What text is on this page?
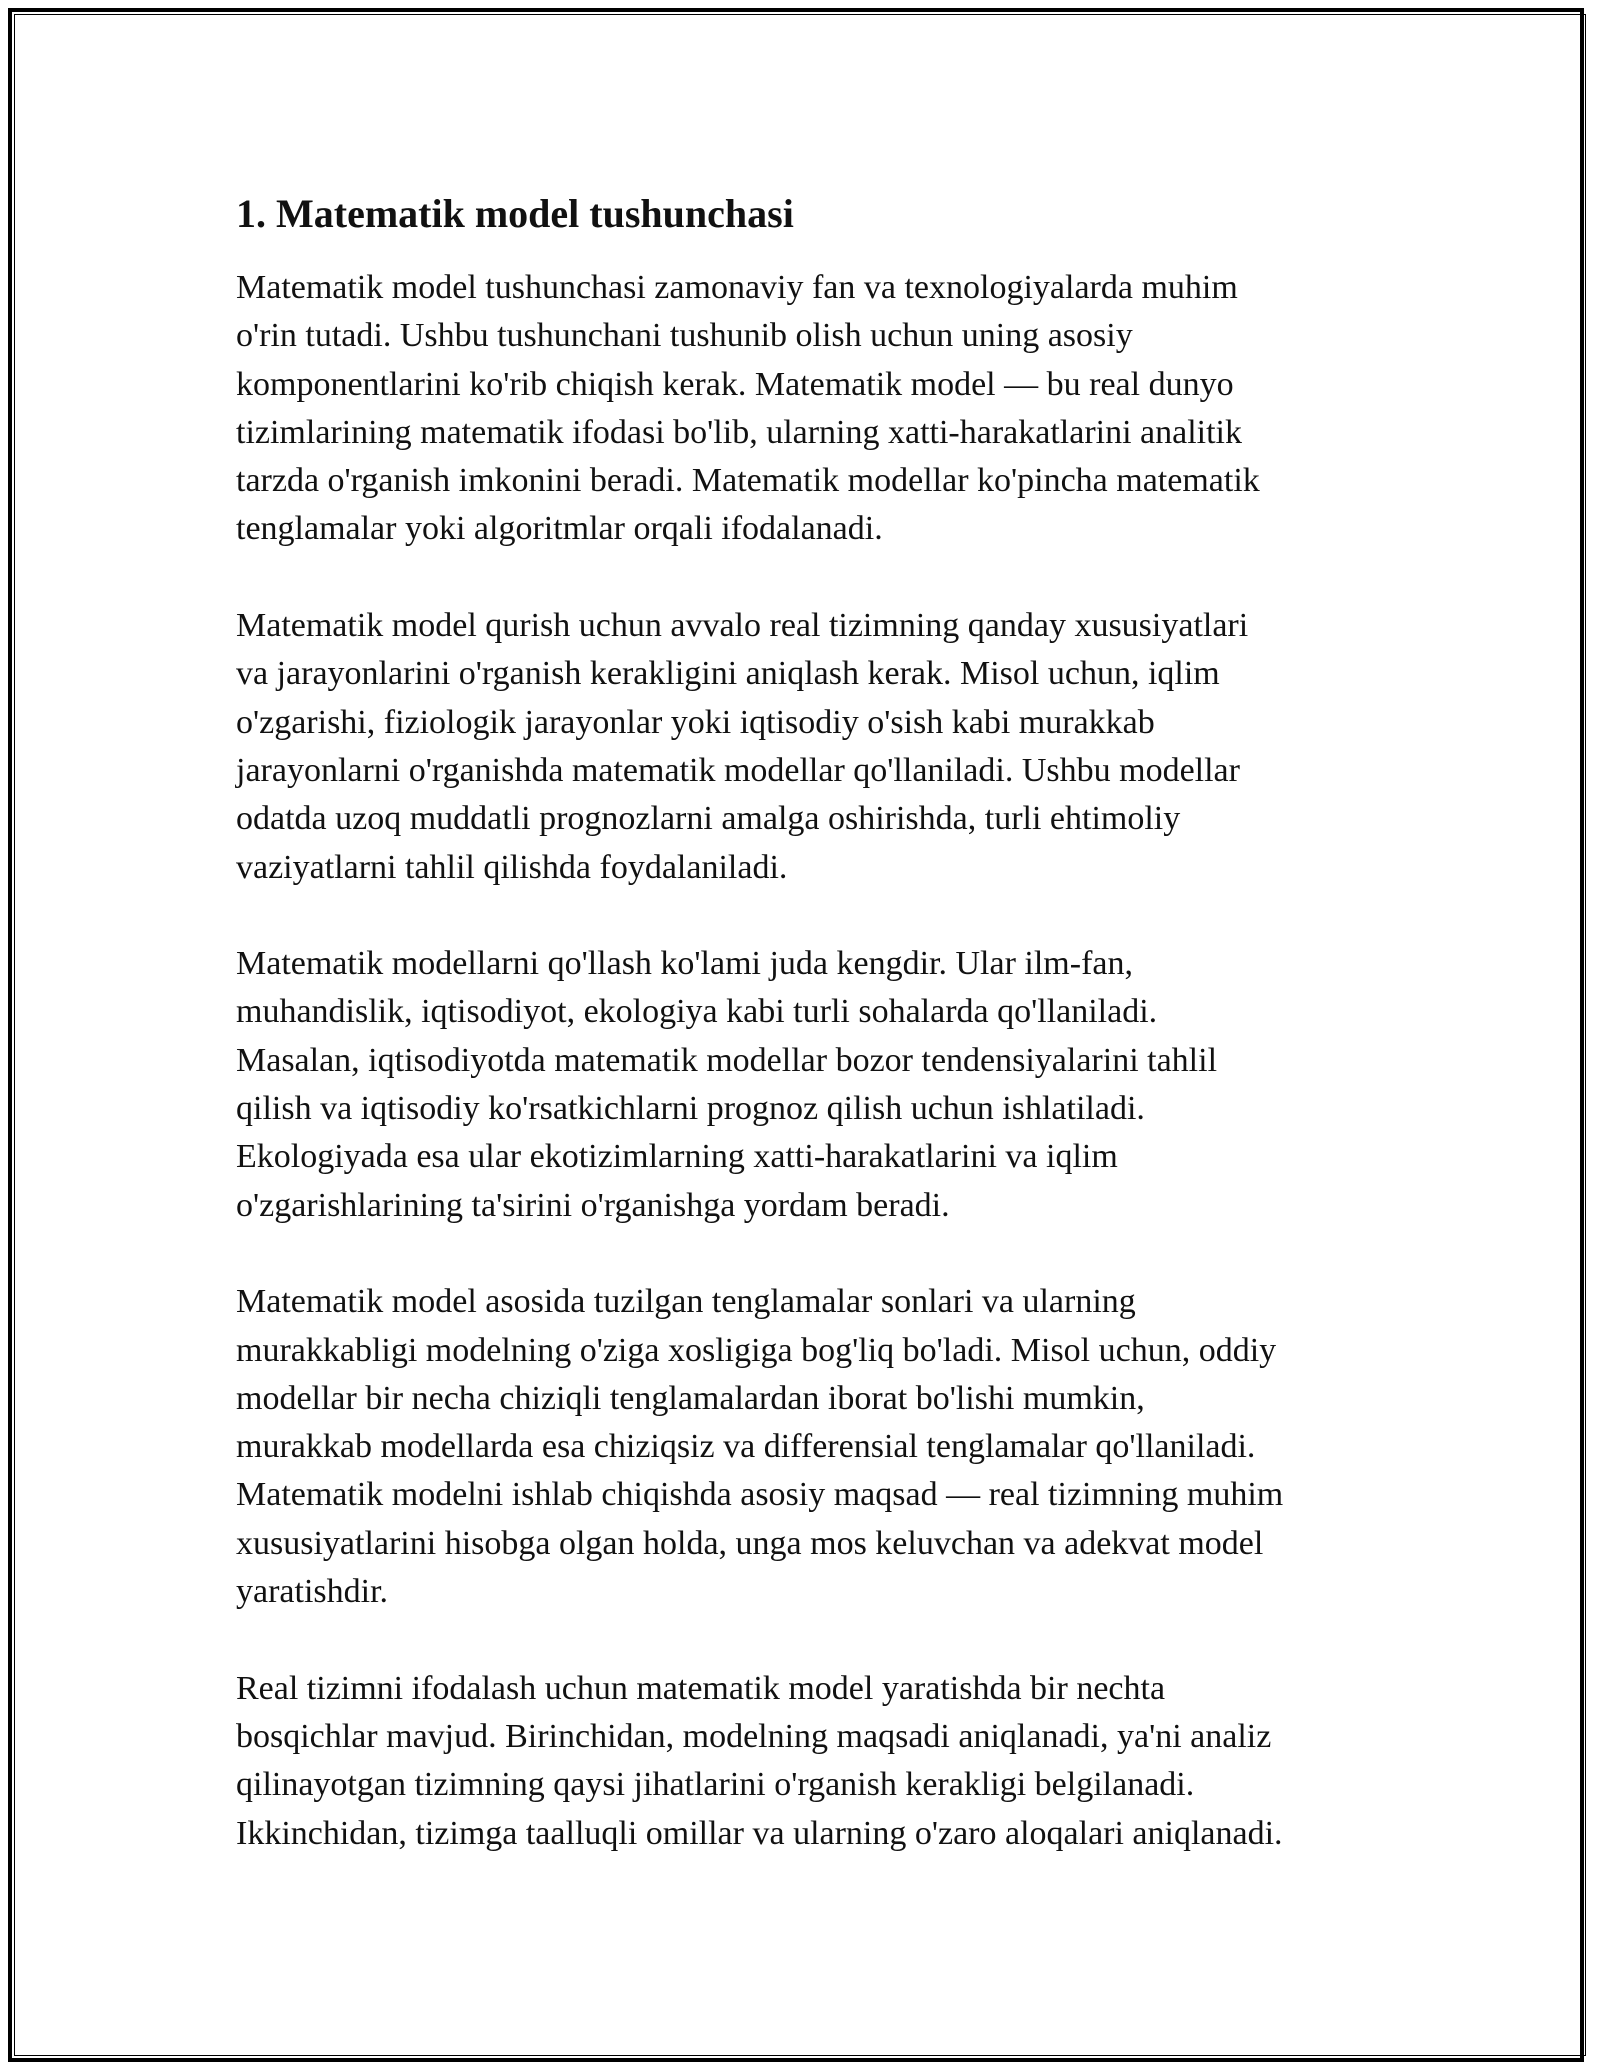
1. Matematik model tushunchasi

Matematik model tushunchasi zamonaviy fan va texnologiyalarda muhim
o'rin tutadi. Ushbu tushunchani tushunib olish uchun uning asosiy
komponentlarini ko'rib chiqish kerak. Matematik model — bu real dunyo
tizimlarining matematik ifodasi bo'lib, ularning xatti-harakatlarini analitik
tarzda o'rganish imkonini beradi. Matematik modellar ko'pincha matematik
tenglamalar yoki algoritmlar orqali ifodalanadi.

Matematik model qurish uchun avvalo real tizimning qanday xususiyatlari
va jarayonlarini o'rganish kerakligini aniqlash kerak. Misol uchun, iqlim
o'zgarishi, fiziologik jarayonlar yoki iqtisodiy o'sish kabi murakkab
jarayonlarni o'rganishda matematik modellar qo'llaniladi. Ushbu modellar
odatda uzoq muddatli prognozlarni amalga oshirishda, turli ehtimoliy
vaziyatlarni tahlil qilishda foydalaniladi.

Matematik modellarni qo'llash ko'lami juda kengdir. Ular ilm-fan,
muhandislik, iqtisodiyot, ekologiya kabi turli sohalarda qo'llaniladi.
Masalan, iqtisodiyotda matematik modellar bozor tendensiyalarini tahlil
qilish va iqtisodiy ko'rsatkichlarni prognoz qilish uchun ishlatiladi.
Ekologiyada esa ular ekotizimlarning xatti-harakatlarini va iqlim
o'zgarishlarining ta'sirini o'rganishga yordam beradi.

Matematik model asosida tuzilgan tenglamalar sonlari va ularning
murakkabligi modelning o'ziga xosligiga bog'liq bo'ladi. Misol uchun, oddiy
modellar bir necha chiziqli tenglamalardan iborat bo'lishi mumkin,
murakkab modellarda esa chiziqsiz va differensial tenglamalar qo'llaniladi.
Matematik modelni ishlab chiqishda asosiy maqsad — real tizimning muhim
xususiyatlarini hisobga olgan holda, unga mos keluvchan va adekvat model
yaratishdir.

Real tizimni ifodalash uchun matematik model yaratishda bir nechta
bosqichlar mavjud. Birinchidan, modelning maqsadi aniqlanadi, ya'ni analiz
qilinayotgan tizimning qaysi jihatlarini o'rganish kerakligi belgilanadi.
Ikkinchidan, tizimga taalluqli omillar va ularning o'zaro aloqalari aniqlanadi.
